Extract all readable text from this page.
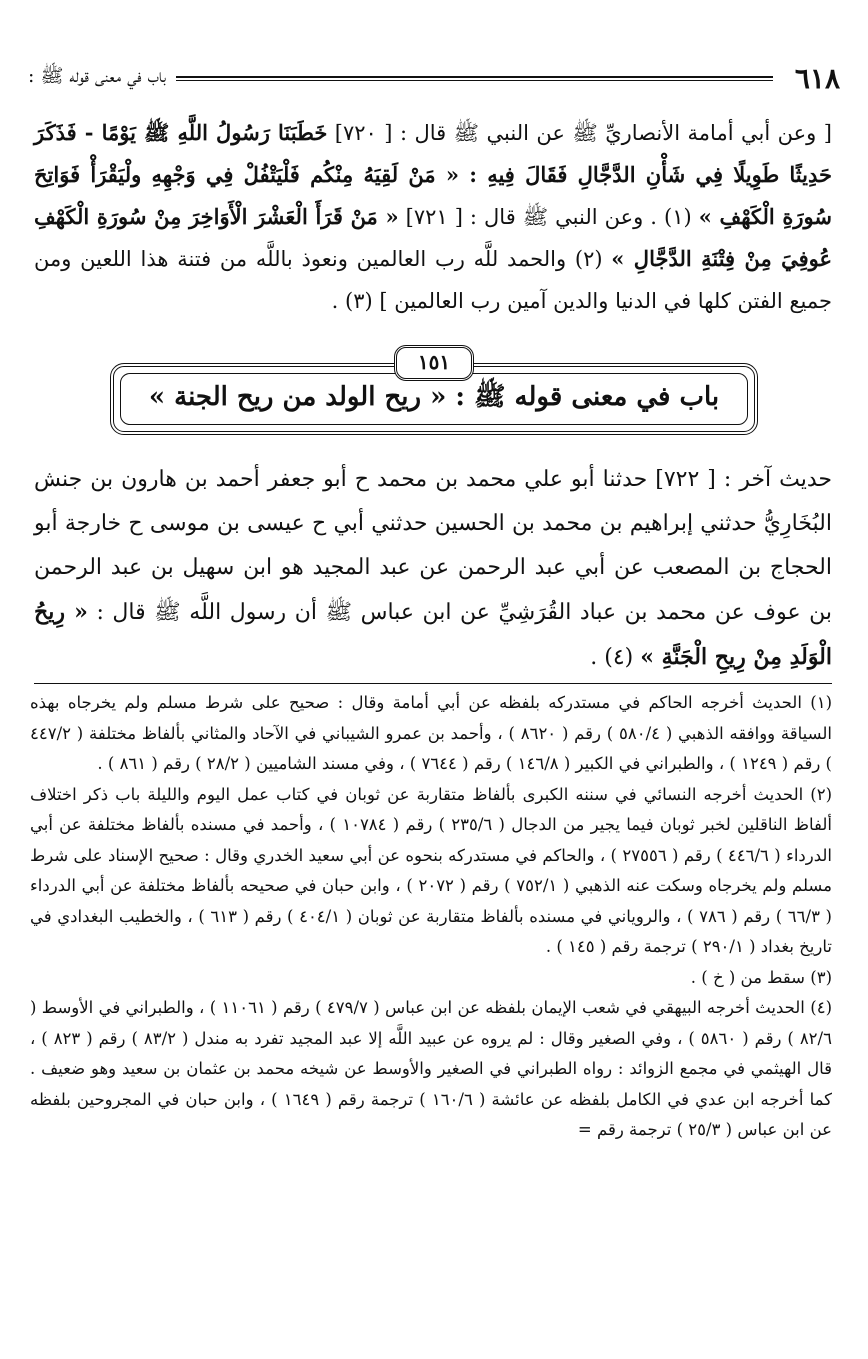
٦١٨
باب في معنى قوله ﷺ :

[ وعن أبي أمامة الأنصاريِّ ﷺ عن النبي ﷺ قال : [ ٧٢٠] خَطَبَنَا رَسُولُ اللَّهِ ﷺ يَوْمًا - فَذَكَرَ حَدِيثًا طَوِيلًا فِي شَأْنِ الدَّجَّالِ فَقَالَ فِيهِ : « مَنْ لَقِيَهُ مِنْكُم فَلْيَتْفُلْ فِي وَجْهِهِ ولْيَقْرَأْ فَوَاتِحَ سُورَةِ الْكَهْفِ » (١) . وعن النبي ﷺ قال : [ ٧٢١] « مَنْ قَرَأَ الْعَشْرَ الْأَوَاخِرَ مِنْ سُورَةِ الْكَهْفِ عُوفِيَ مِنْ فِتْنَةِ الدَّجَّالِ » (٢) والحمد للَّه رب العالمين ونعوذ باللَّه من فتنة هذا اللعين ومن جميع الفتن كلها في الدنيا والدين آمين رب العالمين ] (٣) .

١٥١
باب في معنى قوله ﷺ : « ريح الولد من ريح الجنة »

حديث آخر : [ ٧٢٢] حدثنا أبو علي محمد بن محمد ح أبو جعفر أحمد بن هارون بن جنش البُخَارِيُّ حدثني إبراهيم بن محمد بن الحسين حدثني أبي ح عيسى بن موسى ح خارجة أبو الحجاج بن المصعب عن أبي عبد الرحمن عن عبد المجيد هو ابن سهيل بن عبد الرحمن بن عوف عن محمد بن عباد القُرَشِيِّ عن ابن عباس ﷺ أن رسول اللَّه ﷺ قال : « رِيحُ الْوَلَدِ مِنْ رِيحِ الْجَنَّةِ » (٤) .

(١) الحديث أخرجه الحاكم في مستدركه بلفظه عن أبي أمامة وقال : صحيح على شرط مسلم ولم يخرجاه بهذه السياقة ووافقه الذهبي ( ٥٨٠/٤ ) رقم ( ٨٦٢٠ ) ، وأحمد بن عمرو الشيباني في الآحاد والمثاني بألفاظ مختلفة ( ٤٤٧/٢ ) رقم ( ١٢٤٩ ) ، والطبراني في الكبير ( ١٤٦/٨ ) رقم ( ٧٦٤٤ ) ، وفي مسند الشاميين ( ٢٨/٢ ) رقم ( ٨٦١ ) .

(٢) الحديث أخرجه النسائي في سننه الكبرى بألفاظ متقاربة عن ثوبان في كتاب عمل اليوم والليلة باب ذكر اختلاف ألفاظ الناقلين لخبر ثوبان فيما يجير من الدجال ( ٢٣٥/٦ ) رقم ( ١٠٧٨٤ ) ، وأحمد في مسنده بألفاظ مختلفة عن أبي الدرداء ( ٤٤٦/٦ ) رقم ( ٢٧٥٥٦ ) ، والحاكم في مستدركه بنحوه عن أبي سعيد الخدري وقال : صحيح الإسناد على شرط مسلم ولم يخرجاه وسكت عنه الذهبي ( ٧٥٢/١ ) رقم ( ٢٠٧٢ ) ، وابن حبان في صحيحه بألفاظ مختلفة عن أبي الدرداء ( ٦٦/٣ ) رقم ( ٧٨٦ ) ، والروياني في مسنده بألفاظ متقاربة عن ثوبان ( ٤٠٤/١ ) رقم ( ٦١٣ ) ، والخطيب البغدادي في تاريخ بغداد ( ٢٩٠/١ ) ترجمة رقم ( ١٤٥ ) .

(٣) سقط من ( خ ) .

(٤) الحديث أخرجه البيهقي في شعب الإيمان بلفظه عن ابن عباس ( ٤٧٩/٧ ) رقم ( ١١٠٦١ ) ، والطبراني في الأوسط ( ٨٢/٦ ) رقم ( ٥٨٦٠ ) ، وفي الصغير وقال : لم يروه عن عبيد اللَّه إلا عبد المجيد تفرد به مندل ( ٨٣/٢ ) رقم ( ٨٢٣ ) ، قال الهيثمي في مجمع الزوائد : رواه الطبراني في الصغير والأوسط عن شيخه محمد بن عثمان بن سعيد وهو ضعيف . كما أخرجه ابن عدي في الكامل بلفظه عن عائشة ( ١٦٠/٦ ) ترجمة رقم ( ١٦٤٩ ) ، وابن حبان في المجروحين بلفظه عن ابن عباس ( ٢٥/٣ ) ترجمة رقم =
